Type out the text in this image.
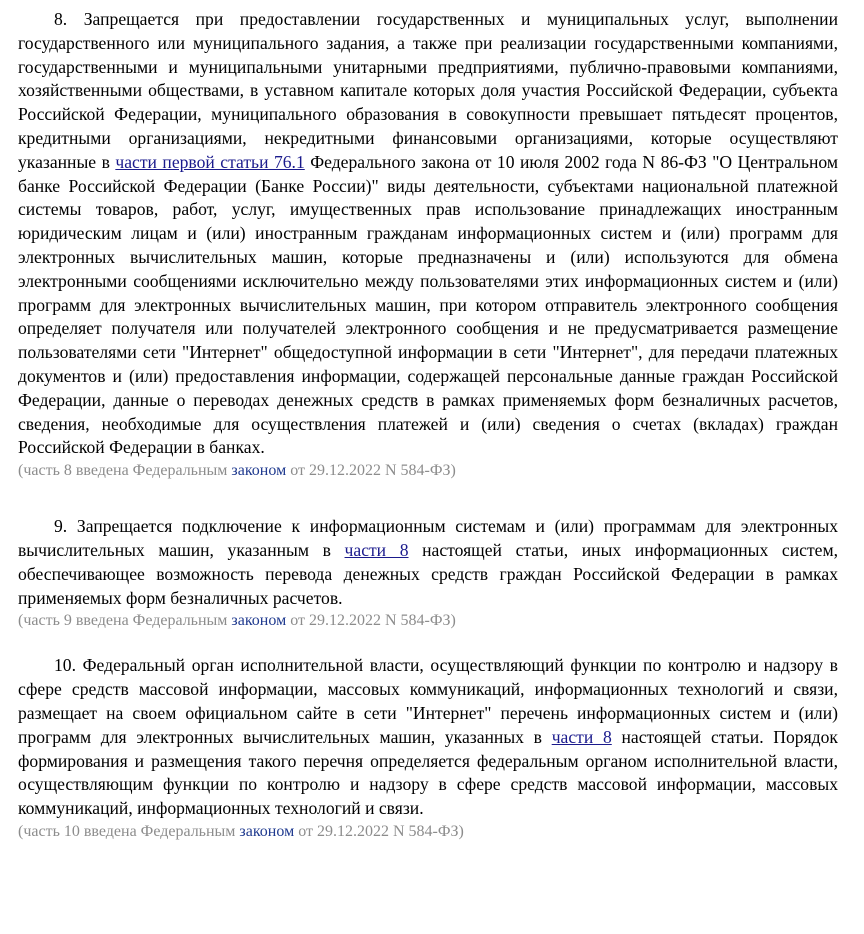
8. Запрещается при предоставлении государственных и муниципальных услуг, выполнении государственного или муниципального задания, а также при реализации государственными компаниями, государственными и муниципальными унитарными предприятиями, публично-правовыми компаниями, хозяйственными обществами, в уставном капитале которых доля участия Российской Федерации, субъекта Российской Федерации, муниципального образования в совокупности превышает пятьдесят процентов, кредитными организациями, некредитными финансовыми организациями, которые осуществляют указанные в части первой статьи 76.1 Федерального закона от 10 июля 2002 года N 86-ФЗ "О Центральном банке Российской Федерации (Банке России)" виды деятельности, субъектами национальной платежной системы товаров, работ, услуг, имущественных прав использование принадлежащих иностранным юридическим лицам и (или) иностранным гражданам информационных систем и (или) программ для электронных вычислительных машин, которые предназначены и (или) используются для обмена электронными сообщениями исключительно между пользователями этих информационных систем и (или) программ для электронных вычислительных машин, при котором отправитель электронного сообщения определяет получателя или получателей электронного сообщения и не предусматривается размещение пользователями сети "Интернет" общедоступной информации в сети "Интернет", для передачи платежных документов и (или) предоставления информации, содержащей персональные данные граждан Российской Федерации, данные о переводах денежных средств в рамках применяемых форм безналичных расчетов, сведения, необходимые для осуществления платежей и (или) сведения о счетах (вкладах) граждан Российской Федерации в банках.

(часть 8 введена Федеральным законом от 29.12.2022 N 584-ФЗ)

9. Запрещается подключение к информационным системам и (или) программам для электронных вычислительных машин, указанным в части 8 настоящей статьи, иных информационных систем, обеспечивающее возможность перевода денежных средств граждан Российской Федерации в рамках применяемых форм безналичных расчетов.

(часть 9 введена Федеральным законом от 29.12.2022 N 584-ФЗ)

10. Федеральный орган исполнительной власти, осуществляющий функции по контролю и надзору в сфере средств массовой информации, массовых коммуникаций, информационных технологий и связи, размещает на своем официальном сайте в сети "Интернет" перечень информационных систем и (или) программ для электронных вычислительных машин, указанных в части 8 настоящей статьи. Порядок формирования и размещения такого перечня определяется федеральным органом исполнительной власти, осуществляющим функции по контролю и надзору в сфере средств массовой информации, массовых коммуникаций, информационных технологий и связи.

(часть 10 введена Федеральным законом от 29.12.2022 N 584-ФЗ)
